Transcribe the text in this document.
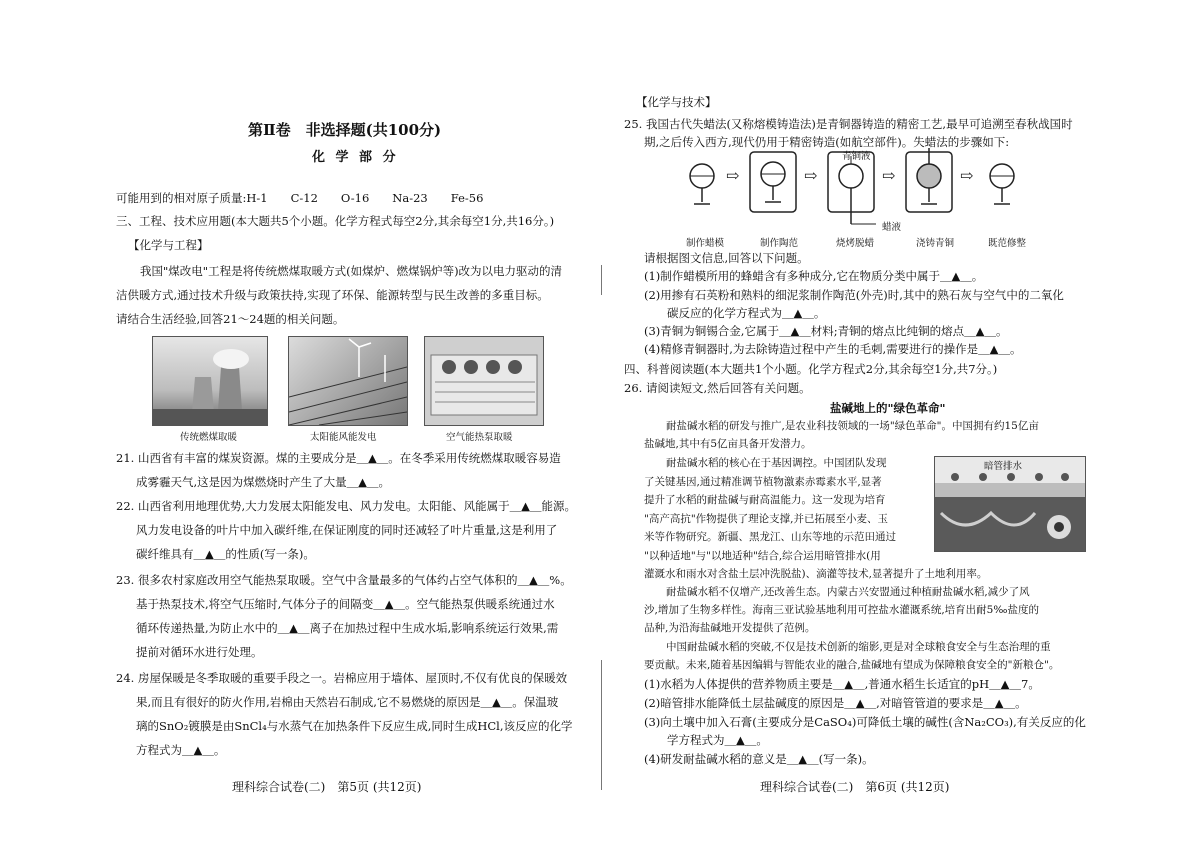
第Ⅱ卷　非选择题(共100分)
化 学 部 分
可能用到的相对原子质量:H-1　　C-12　　O-16　　Na-23　　Fe-56
三、工程、技术应用题(本大题共5个小题。化学方程式每空2分,其余每空1分,共16分。)
【化学与工程】
我国"煤改电"工程是将传统燃煤取暖方式(如煤炉、燃煤锅炉等)改为以电力驱动的清
洁供暖方式,通过技术升级与政策扶持,实现了环保、能源转型与民生改善的多重目标。
请结合生活经验,回答21～24题的相关问题。
传统燃煤取暖	太阳能风能发电	空气能热泵取暖
21. 山西省有丰富的煤炭资源。煤的主要成分是＿▲＿。在冬季采用传统燃煤取暖容易造
成雾霾天气,这是因为煤燃烧时产生了大量＿▲＿。
22. 山西省利用地理优势,大力发展太阳能发电、风力发电。太阳能、风能属于＿▲＿能源。
风力发电设备的叶片中加入碳纤维,在保证刚度的同时还减轻了叶片重量,这是利用了
碳纤维具有＿▲＿的性质(写一条)。
23. 很多农村家庭改用空气能热泵取暖。空气中含量最多的气体约占空气体积的＿▲＿%。
基于热泵技术,将空气压缩时,气体分子的间隔变＿▲＿。空气能热泵供暖系统通过水
循环传递热量,为防止水中的＿▲＿离子在加热过程中生成水垢,影响系统运行效果,需
提前对循环水进行处理。
24. 房屋保暖是冬季取暖的重要手段之一。岩棉应用于墙体、屋顶时,不仅有优良的保暖效
果,而且有很好的防火作用,岩棉由天然岩石制成,它不易燃烧的原因是＿▲＿。保温玻
璃的SnO₂镀膜是由SnCl₄与水蒸气在加热条件下反应生成,同时生成HCl,该反应的化学
方程式为＿▲＿。
理科综合试卷(二)　第5页 (共12页)
【化学与技术】
25. 我国古代失蜡法(又称熔模铸造法)是青铜器铸造的精密工艺,最早可追溯至春秋战国时
期,之后传入西方,现代仍用于精密铸造(如航空部件)。失蜡法的步骤如下:
⇨	⇨	⇨	⇨
青铜液
蜡液
制作蜡模	制作陶范	烧烤脱蜡	浇铸青铜	既范修整
请根据图文信息,回答以下问题。
(1)制作蜡模所用的蜂蜡含有多种成分,它在物质分类中属于＿▲＿。
(2)用掺有石英粉和熟料的细泥浆制作陶范(外壳)时,其中的熟石灰与空气中的二氧化
　　碳反应的化学方程式为＿▲＿。
(3)青铜为铜锡合金,它属于＿▲＿材料;青铜的熔点比纯铜的熔点＿▲＿。
(4)精修青铜器时,为去除铸造过程中产生的毛刺,需要进行的操作是＿▲＿。
四、科普阅读题(本大题共1个小题。化学方程式2分,其余每空1分,共7分。)
26. 请阅读短文,然后回答有关问题。
盐碱地上的"绿色革命"
耐盐碱水稻的研发与推广,是农业科技领域的一场"绿色革命"。中国拥有约15亿亩
盐碱地,其中有5亿亩具备开发潜力。
耐盐碱水稻的核心在于基因调控。中国团队发现
了关键基因,通过精准调节植物激素赤霉素水平,显著
提升了水稻的耐盐碱与耐高温能力。这一发现为培育
"高产高抗"作物提供了理论支撑,并已拓展至小麦、玉
米等作物研究。新疆、黑龙江、山东等地的示范田通过
"以种适地"与"以地适种"结合,综合运用暗管排水(用
灌溉水和雨水对含盐土层冲洗脱盐)、滴灌等技术,显著提升了土地利用率。
暗管排水
耐盐碱水稻不仅增产,还改善生态。内蒙古兴安盟通过种植耐盐碱水稻,减少了风
沙,增加了生物多样性。海南三亚试验基地利用可控盐水灌溉系统,培育出耐5‰盐度的
品种,为沿海盐碱地开发提供了范例。
中国耐盐碱水稻的突破,不仅是技术创新的缩影,更是对全球粮食安全与生态治理的重
要贡献。未来,随着基因编辑与智能农业的融合,盐碱地有望成为保障粮食安全的"新粮仓"。
(1)水稻为人体提供的营养物质主要是＿▲＿,普通水稻生长适宜的pH＿▲＿7。
(2)暗管排水能降低土层盐碱度的原因是＿▲＿,对暗管管道的要求是＿▲＿。
(3)向土壤中加入石膏(主要成分是CaSO₄)可降低土壤的碱性(含Na₂CO₃),有关反应的化
　　学方程式为＿▲＿。
(4)研发耐盐碱水稻的意义是＿▲＿(写一条)。
理科综合试卷(二)　第6页 (共12页)
